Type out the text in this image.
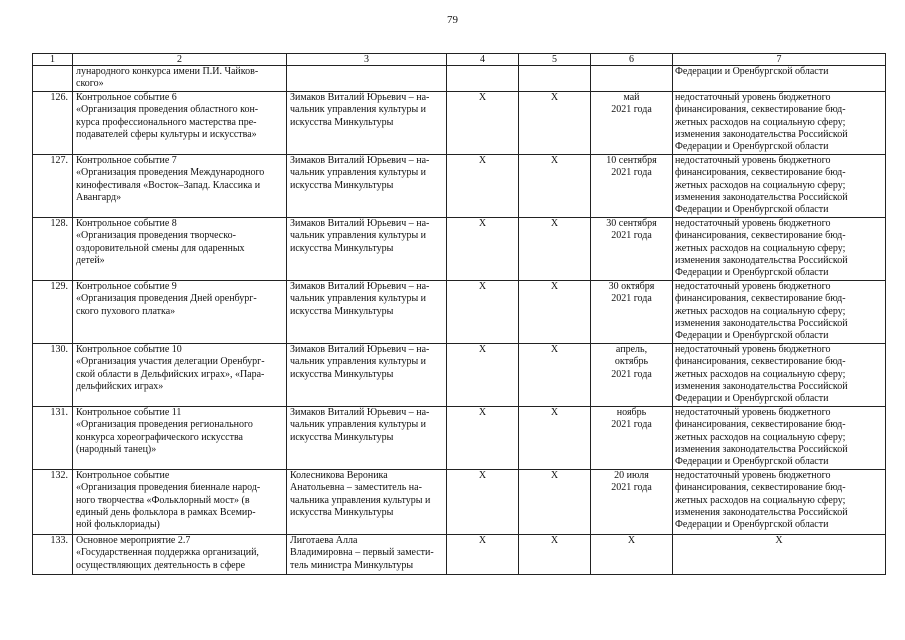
79
1	2	3	4	5	6	7
	лународного конкурса имени П.И. Чайков-
ского»					Федерации и Оренбургской области
126.	Контрольное событие 6
«Организация проведения областного кон-
курса профессионального мастерства пре-
подавателей сферы культуры и искусства»	Зимаков Виталий Юрьевич – на-
чальник управления культуры и
искусства Минкультуры	X	X	май
2021 года	недостаточный уровень бюджетного
финансирования, секвестирование бюд-
жетных расходов на социальную сферу;
изменения законодательства Российской
Федерации и Оренбургской области
127.	Контрольное событие 7
«Организация проведения Международного
кинофестиваля «Восток–Запад. Классика и
Авангард»	Зимаков Виталий Юрьевич – на-
чальник управления культуры и
искусства Минкультуры	X	X	10 сентября
2021 года	недостаточный уровень бюджетного
финансирования, секвестирование бюд-
жетных расходов на социальную сферу;
изменения законодательства Российской
Федерации и Оренбургской области
128.	Контрольное событие 8
«Организация проведения творческо-
оздоровительной смены для одаренных
детей»	Зимаков Виталий Юрьевич – на-
чальник управления культуры и
искусства Минкультуры	X	X	30 сентября
2021 года	недостаточный уровень бюджетного
финансирования, секвестирование бюд-
жетных расходов на социальную сферу;
изменения законодательства Российской
Федерации и Оренбургской области
129.	Контрольное событие 9
«Организация проведения Дней оренбург-
ского пухового платка»	Зимаков Виталий Юрьевич – на-
чальник управления культуры и
искусства Минкультуры	X	X	30 октября
2021 года	недостаточный уровень бюджетного
финансирования, секвестирование бюд-
жетных расходов на социальную сферу;
изменения законодательства Российской
Федерации и Оренбургской области
130.	Контрольное событие 10
«Организация участия делегации Оренбург-
ской области в Дельфийских играх», «Пара-
дельфийских играх»	Зимаков Виталий Юрьевич – на-
чальник управления культуры и
искусства Минкультуры	X	X	апрель,
октябрь
2021 года	недостаточный уровень бюджетного
финансирования, секвестирование бюд-
жетных расходов на социальную сферу;
изменения законодательства Российской
Федерации и Оренбургской области
131.	Контрольное событие 11
«Организация проведения регионального
конкурса хореографического искусства
(народный танец)»	Зимаков Виталий Юрьевич – на-
чальник управления культуры и
искусства Минкультуры	X	X	ноябрь
2021 года	недостаточный уровень бюджетного
финансирования, секвестирование бюд-
жетных расходов на социальную сферу;
изменения законодательства Российской
Федерации и Оренбургской области
132.	Контрольное событие
«Организация проведения биеннале народ-
ного творчества «Фольклорный мост» (в
единый день фольклора в рамках Всемир-
ной фольклориады)	Колесникова Вероника
Анатольевна – заместитель на-
чальника управления культуры и
искусства Минкультуры	X	X	20 июля
2021 года	недостаточный уровень бюджетного
финансирования, секвестирование бюд-
жетных расходов на социальную сферу;
изменения законодательства Российской
Федерации и Оренбургской области
133.	Основное мероприятие 2.7
«Государственная поддержка организаций,
осуществляющих деятельность в сфере	Лиготаева Алла
Владимировна – первый замести-
тель министра Минкультуры	X	X	X	X
